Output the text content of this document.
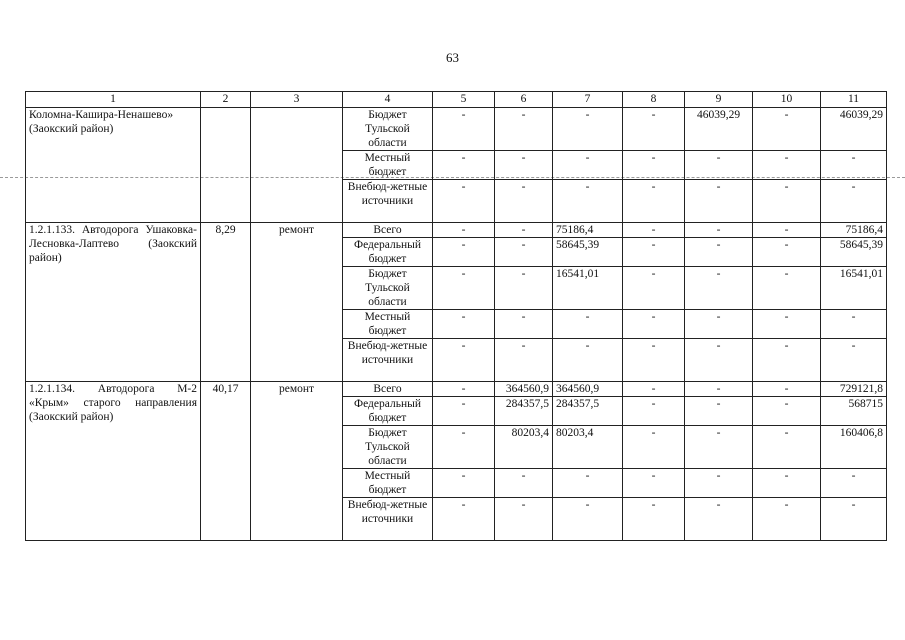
63
1	2	3	4	5	6	7	8	9	10	11
Коломна-Кашира-Ненашево» (Заокский район)			Бюджет Тульской области	-	-	-	-	46039,29	-	46039,29
			Местный бюджет	-	-	-	-	-	-	-
			Внебюд-жетные источники	-	-	-	-	-	-	-
1.2.1.133. Автодорога Ушаковка-Лесновка-Лаптево (Заокский район)	8,29	ремонт	Всего	-	-	75186,4	-	-	-	75186,4
			Федеральный бюджет	-	-	58645,39	-	-	-	58645,39
			Бюджет Тульской области	-	-	16541,01	-	-	-	16541,01
			Местный бюджет	-	-	-	-	-	-	-
			Внебюд-жетные источники	-	-	-	-	-	-	-
1.2.1.134. Автодорога М-2 «Крым» старого направления (Заокский район)	40,17	ремонт	Всего	-	364560,9	364560,9	-	-	-	729121,8
			Федеральный бюджет	-	284357,5	284357,5	-	-	-	568715
			Бюджет Тульской области	-	80203,4	80203,4	-	-	-	160406,8
			Местный бюджет	-	-	-	-	-	-	-
			Внебюд-жетные источники	-	-	-	-	-	-	-
